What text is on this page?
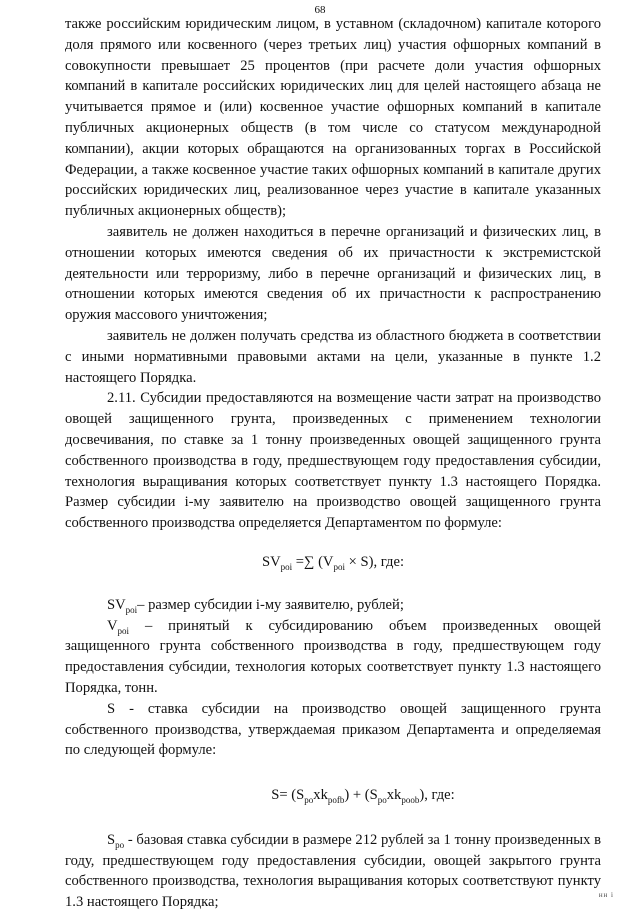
68

также российским юридическим лицом, в уставном (складочном) капитале которого доля прямого или косвенного (через третьих лиц) участия офшорных компаний в совокупности превышает 25 процентов (при расчете доли участия офшорных компаний в капитале российских юридических лиц для целей настоящего абзаца не учитывается прямое и (или) косвенное участие офшорных компаний в капитале публичных акционерных обществ (в том числе со статусом международной компании), акции которых обращаются на организованных торгах в Российской Федерации, а также косвенное участие таких офшорных компаний в капитале других российских юридических лиц, реализованное через участие в капитале указанных публичных акционерных обществ);

заявитель не должен находиться в перечне организаций и физических лиц, в отношении которых имеются сведения об их причастности к экстремистской деятельности или терроризму, либо в перечне организаций и физических лиц, в отношении которых имеются сведения об их причастности к распространению оружия массового уничтожения;

заявитель не должен получать средства из областного бюджета в соответствии с иными нормативными правовыми актами на цели, указанные в пункте 1.2 настоящего Порядка.

2.11. Субсидии предоставляются на возмещение части затрат на производство овощей защищенного грунта, произведенных с применением технологии досвечивания, по ставке за 1 тонну произведенных овощей защищенного грунта собственного производства в году, предшествующем году предоставления субсидии, технология выращивания которых соответствует пункту 1.3 настоящего Порядка. Размер субсидии i-му заявителю на производство овощей защищенного грунта собственного производства определяется Департаментом по формуле:

$SV_{poi}$ =∑ $(V_{poi} \times S)$, где:

$SV_{poi}-$ размер субсидии i-му заявителю, рублей;

$V_{poi}$ – принятый к субсидированию объем произведенных овощей защищенного грунта собственного производства в году, предшествующем году предоставления субсидии, технология которых соответствует пункту 1.3 настоящего Порядка, тонн.

S - ставка субсидии на производство овощей защищенного грунта собственного производства, утверждаемая приказом Департамента и определяемая по следующей формуле:

$S= (S_{po}xk_{pofb}) + (S_{po}xk_{poob})$, где:

$S_{po}$ - базовая ставка субсидии в размере 212 рублей за 1 тонну произведенных в году, предшествующем году предоставления субсидии, овощей закрытого грунта собственного производства, технология выращивания которых соответствуют пункту 1.3 настоящего Порядка;	нн і
